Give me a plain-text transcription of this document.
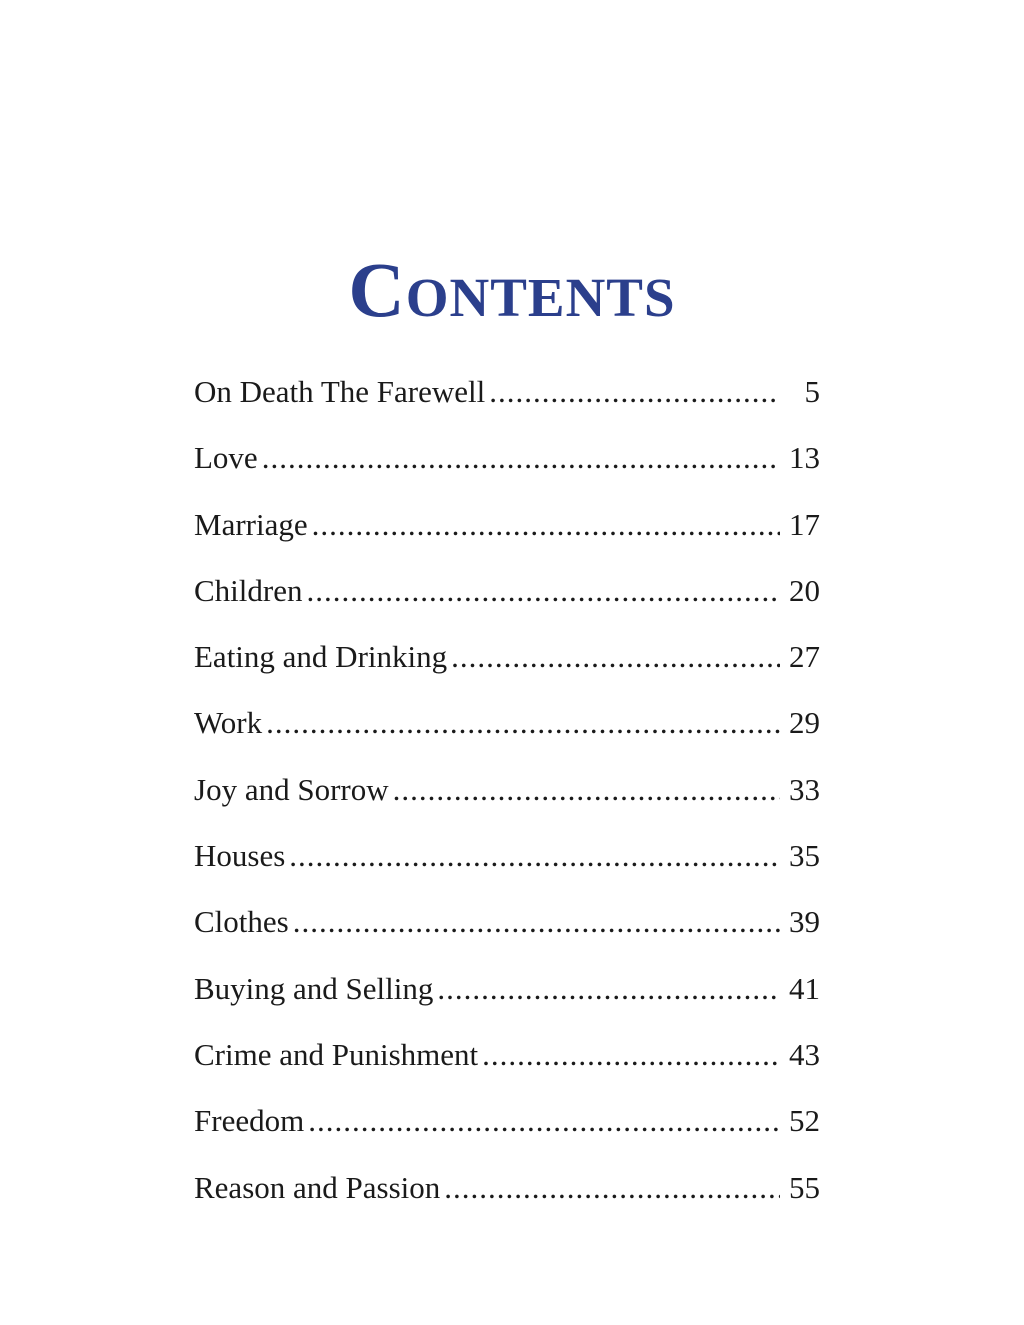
Contents
On Death The Farewell .....	5
Love .....	13
Marriage .....	17
Children .....	20
Eating and Drinking .....	27
Work .....	29
Joy and Sorrow .....	33
Houses .....	35
Clothes .....	39
Buying and Selling .....	41
Crime and Punishment .....	43
Freedom .....	52
Reason and Passion .....	55
